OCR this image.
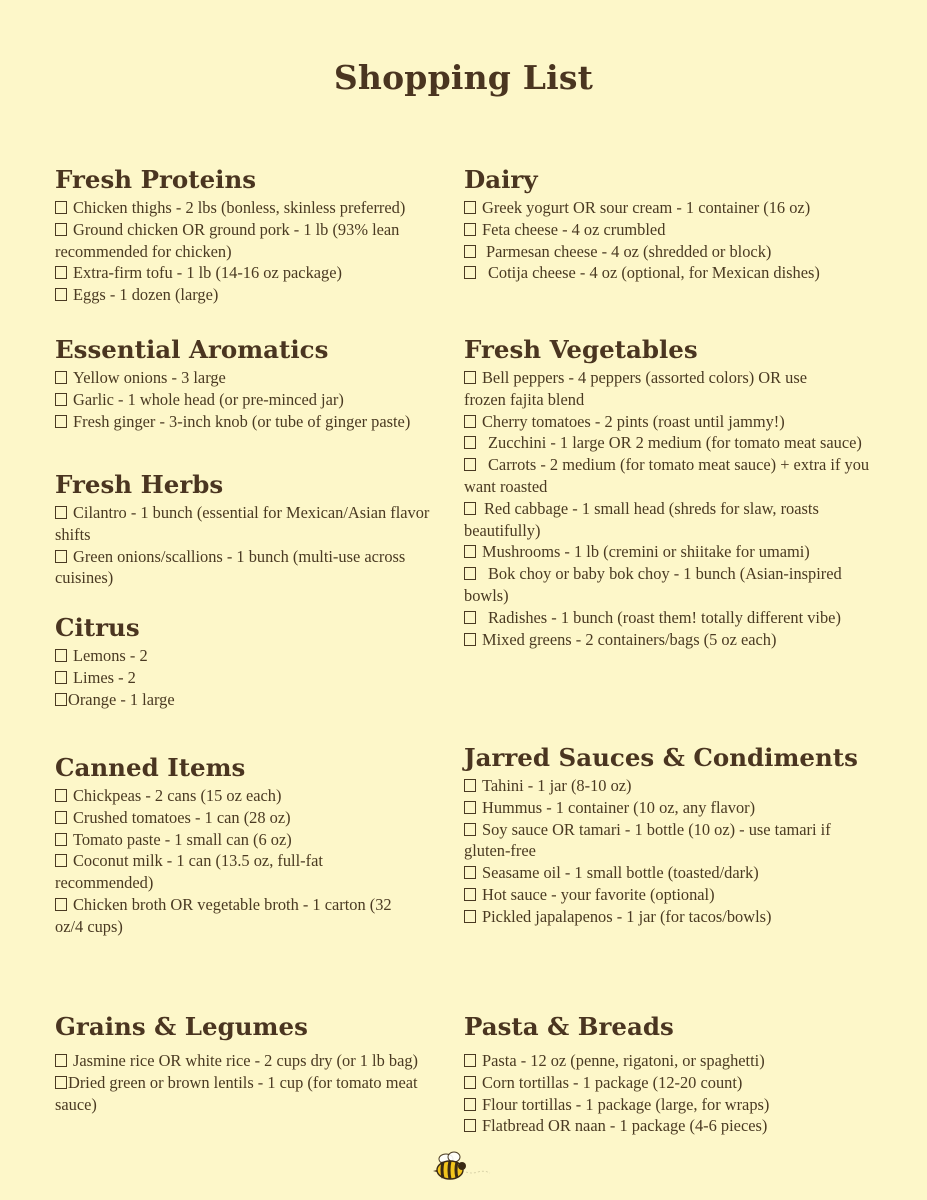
Shopping List
Fresh Proteins
Chicken thighs - 2 lbs (bonless, skinless preferred)
Ground chicken OR ground pork - 1 lb (93% lean recommended for chicken)
Extra-firm tofu - 1 lb (14-16 oz package)
Eggs - 1 dozen (large)
Essential Aromatics
Yellow onions - 3 large
Garlic - 1 whole head (or pre-minced jar)
Fresh ginger - 3-inch knob (or tube of ginger paste)
Fresh Herbs
Cilantro - 1 bunch (essential for Mexican/Asian flavor shifts
Green onions/scallions - 1 bunch (multi-use across cuisines)
Citrus
Lemons - 2
Limes - 2
Orange - 1 large
Canned Items
Chickpeas - 2 cans (15 oz each)
Crushed tomatoes - 1 can (28 oz)
Tomato paste - 1 small can (6 oz)
Coconut milk - 1 can (13.5 oz, full-fat recommended)
Chicken broth OR vegetable broth - 1 carton (32 oz/4 cups)
Grains & Legumes
Jasmine rice OR white rice - 2 cups dry (or 1 lb bag)
Dried green or brown lentils - 1 cup (for tomato meat sauce)
Dairy
Greek yogurt OR sour cream - 1 container (16 oz)
Feta cheese - 4 oz crumbled
Parmesan cheese - 4 oz (shredded or block)
Cotija cheese - 4 oz (optional, for Mexican dishes)
Fresh Vegetables
Bell peppers - 4 peppers (assorted colors) OR use frozen fajita blend
Cherry tomatoes - 2 pints (roast until jammy!)
Zucchini - 1 large OR 2 medium (for tomato meat sauce)
Carrots - 2 medium (for tomato meat sauce) + extra if you want roasted
Red cabbage - 1 small head (shreds for slaw, roasts beautifully)
Mushrooms - 1 lb (cremini or shiitake for umami)
Bok choy or baby bok choy - 1 bunch (Asian-inspired bowls)
Radishes - 1 bunch (roast them! totally different vibe)
Mixed greens - 2 containers/bags (5 oz each)
Jarred Sauces & Condiments
Tahini - 1 jar (8-10 oz)
Hummus - 1 container (10 oz, any flavor)
Soy sauce OR tamari - 1 bottle (10 oz) - use tamari if gluten-free
Seasame oil - 1 small bottle (toasted/dark)
Hot sauce - your favorite (optional)
Pickled japalapenos - 1 jar (for tacos/bowls)
Pasta & Breads
Pasta - 12 oz (penne, rigatoni, or spaghetti)
Corn tortillas - 1 package (12-20 count)
Flour tortillas - 1 package (large, for wraps)
Flatbread OR naan - 1 package (4-6 pieces)
